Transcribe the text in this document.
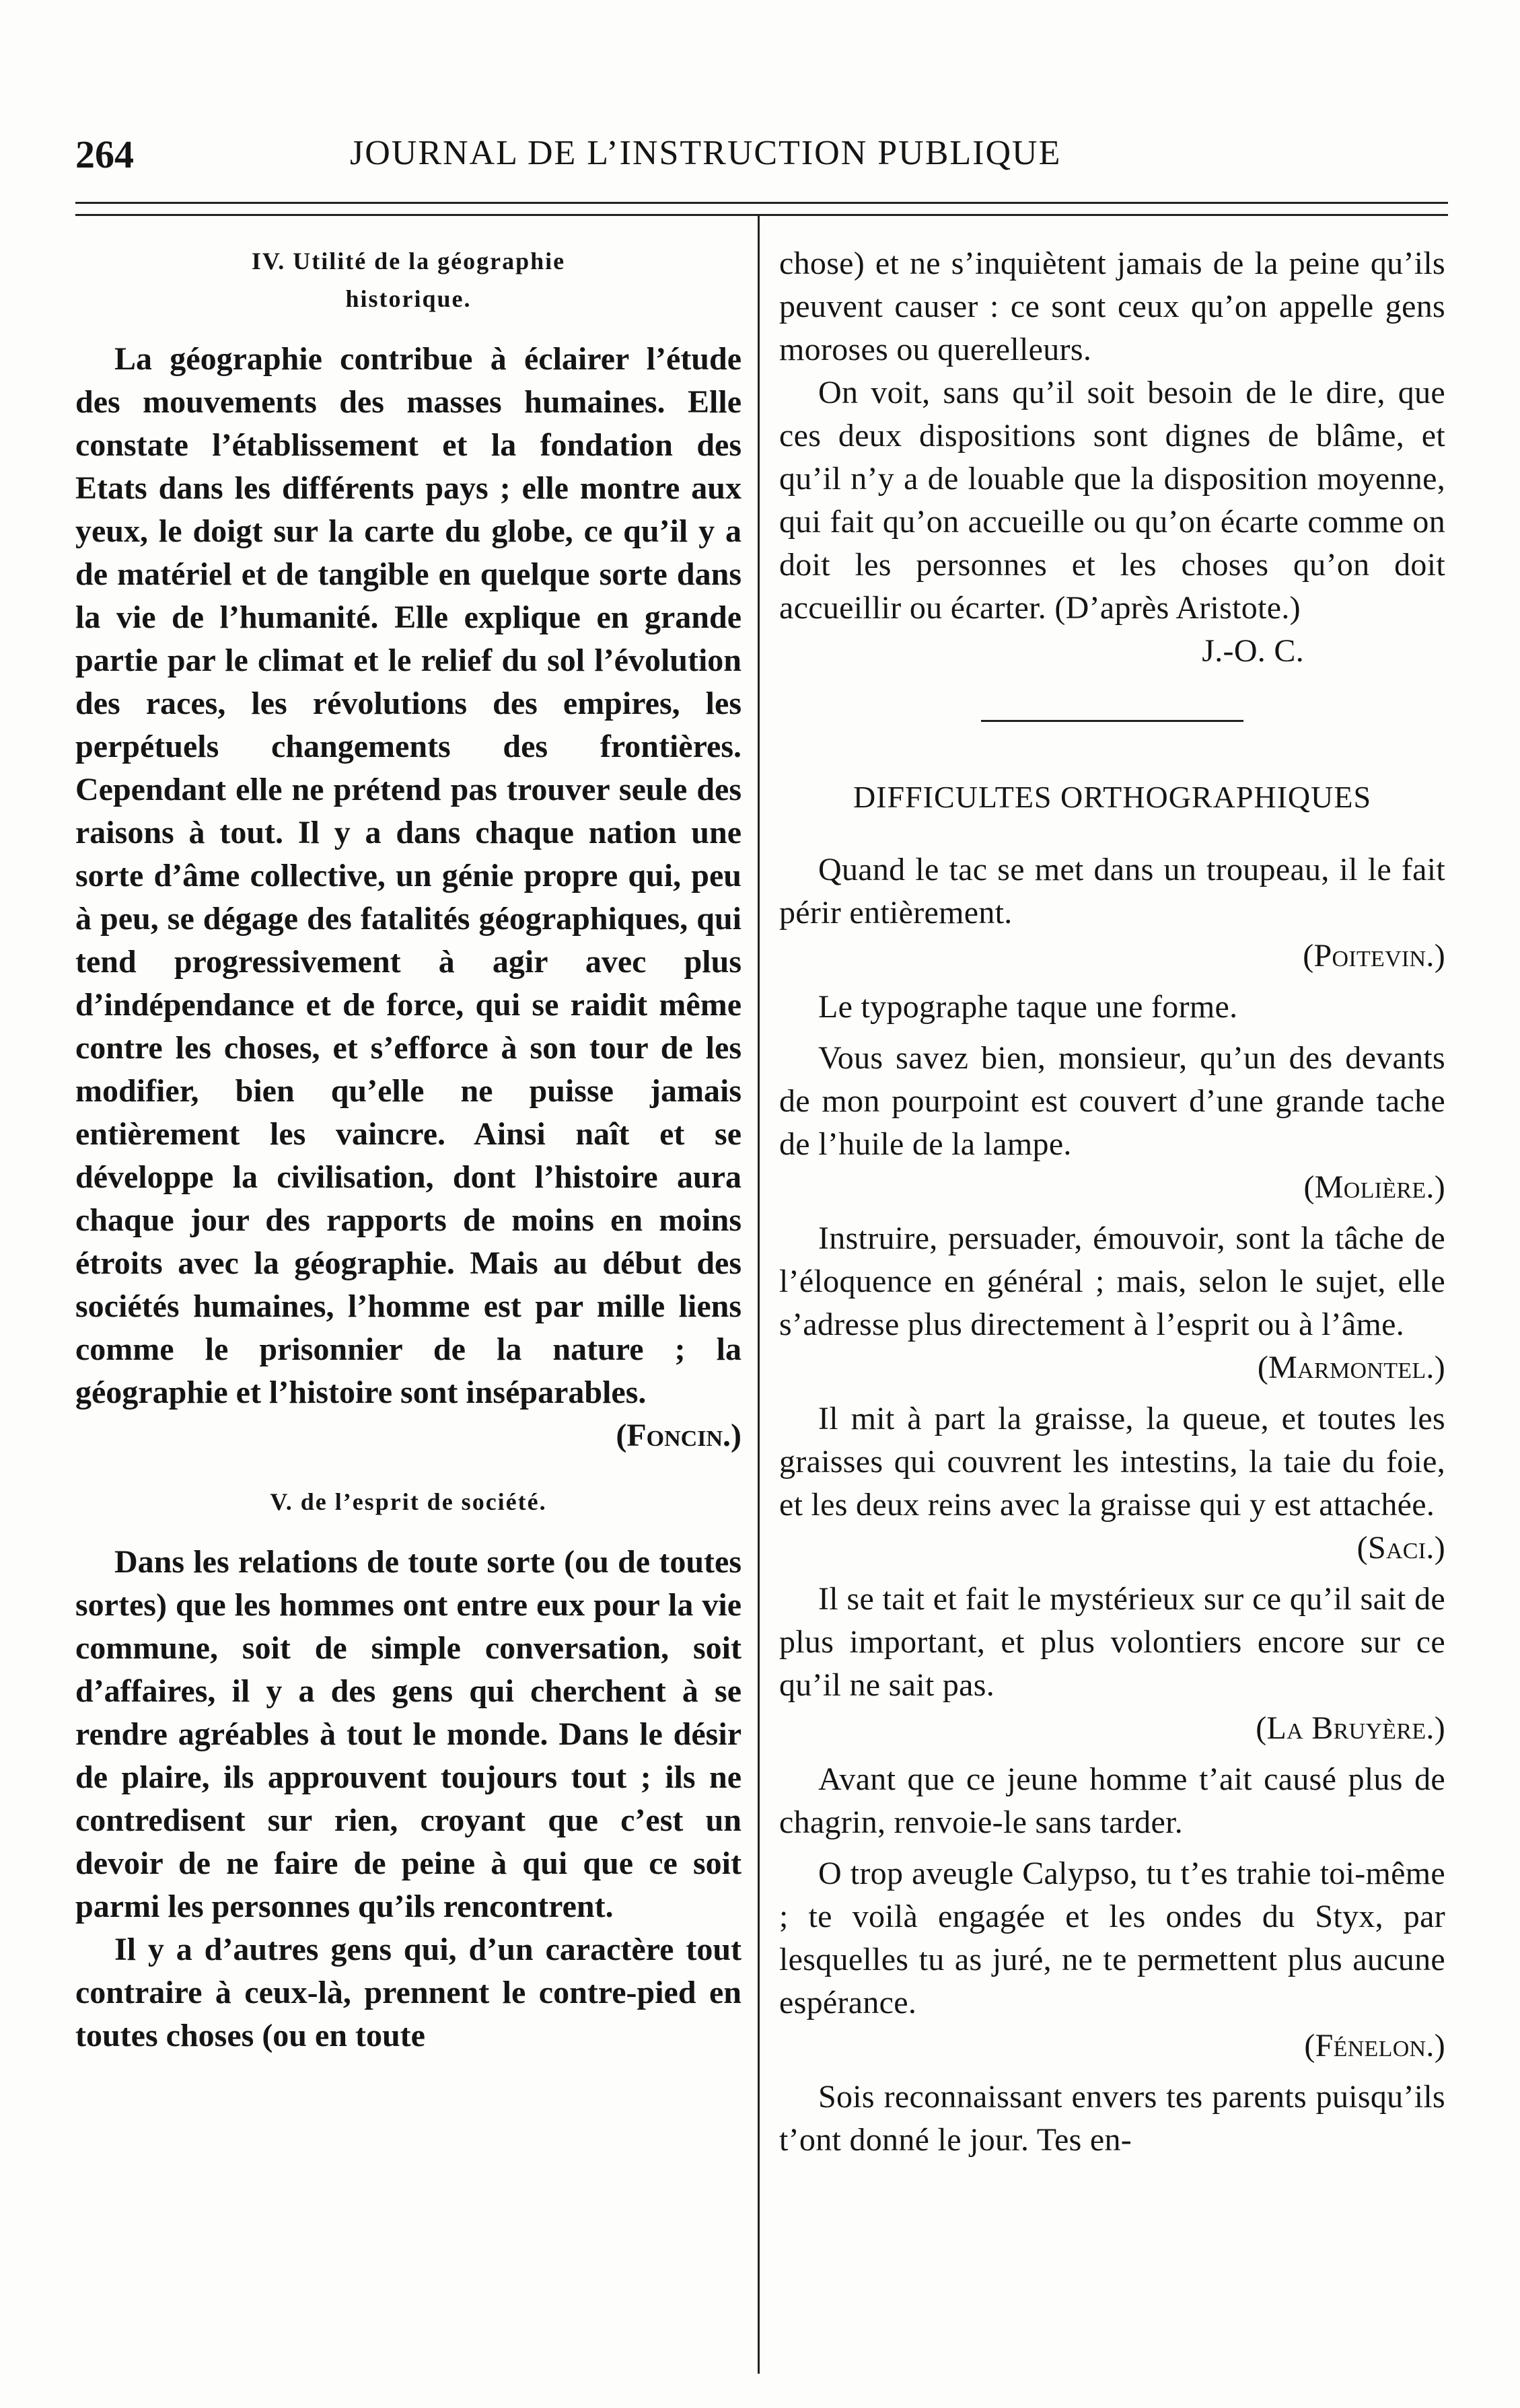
264	JOURNAL DE L’INSTRUCTION PUBLIQUE

IV. Utilité de la géographie
historique.

La géographie contribue à éclairer l’étude des mouvements des masses humaines. Elle constate l’établissement et la fondation des Etats dans les différents pays ; elle montre aux yeux, le doigt sur la carte du globe, ce qu’il y a de matériel et de tangible en quelque sorte dans la vie de l’humanité. Elle explique en grande partie par le climat et le relief du sol l’évolution des races, les révolutions des empires, les perpétuels changements des frontières. Cependant elle ne prétend pas trouver seule des raisons à tout. Il y a dans chaque nation une sorte d’âme collective, un génie propre qui, peu à peu, se dégage des fatalités géographiques, qui tend progressivement à agir avec plus d’indépendance et de force, qui se raidit même contre les choses, et s’efforce à son tour de les modifier, bien qu’elle ne puisse jamais entièrement les vaincre. Ainsi naît et se développe la civilisation, dont l’histoire aura chaque jour des rapports de moins en moins étroits avec la géographie. Mais au début des sociétés humaines, l’homme est par mille liens comme le prisonnier de la nature ; la géographie et l’histoire sont inséparables.

(Foncin.)

V. de l’esprit de société.

Dans les relations de toute sorte (ou de toutes sortes) que les hommes ont entre eux pour la vie commune, soit de simple conversation, soit d’affaires, il y a des gens qui cherchent à se rendre agréables à tout le monde. Dans le désir de plaire, ils approuvent toujours tout ; ils ne contredisent sur rien, croyant que c’est un devoir de ne faire de peine à qui que ce soit parmi les personnes qu’ils rencontrent.

Il y a d’autres gens qui, d’un caractère tout contraire à ceux-là, prennent le contre-pied en toutes choses (ou en toute

chose) et ne s’inquiètent jamais de la peine qu’ils peuvent causer : ce sont ceux qu’on appelle gens moroses ou querelleurs.

On voit, sans qu’il soit besoin de le dire, que ces deux dispositions sont dignes de blâme, et qu’il n’y a de louable que la disposition moyenne, qui fait qu’on accueille ou qu’on écarte comme on doit les personnes et les choses qu’on doit accueillir ou écarter. (D’après Aristote.)

J.-O. C.

DIFFICULTES ORTHOGRAPHIQUES

Quand le tac se met dans un troupeau, il le fait périr entièrement.

(Poitevin.)

Le typographe taque une forme.

Vous savez bien, monsieur, qu’un des devants de mon pourpoint est couvert d’une grande tache de l’huile de la lampe.

(Molière.)

Instruire, persuader, émouvoir, sont la tâche de l’éloquence en général ; mais, selon le sujet, elle s’adresse plus directement à l’esprit ou à l’âme.

(Marmontel.)

Il mit à part la graisse, la queue, et toutes les graisses qui couvrent les intestins, la taie du foie, et les deux reins avec la graisse qui y est attachée.

(Saci.)

Il se tait et fait le mystérieux sur ce qu’il sait de plus important, et plus volontiers encore sur ce qu’il ne sait pas.

(La Bruyère.)

Avant que ce jeune homme t’ait causé plus de chagrin, renvoie-le sans tarder.

O trop aveugle Calypso, tu t’es trahie toi-même ; te voilà engagée et les ondes du Styx, par lesquelles tu as juré, ne te permettent plus aucune espérance.

(Fénelon.)

Sois reconnaissant envers tes parents puisqu’ils t’ont donné le jour. Tes en-
